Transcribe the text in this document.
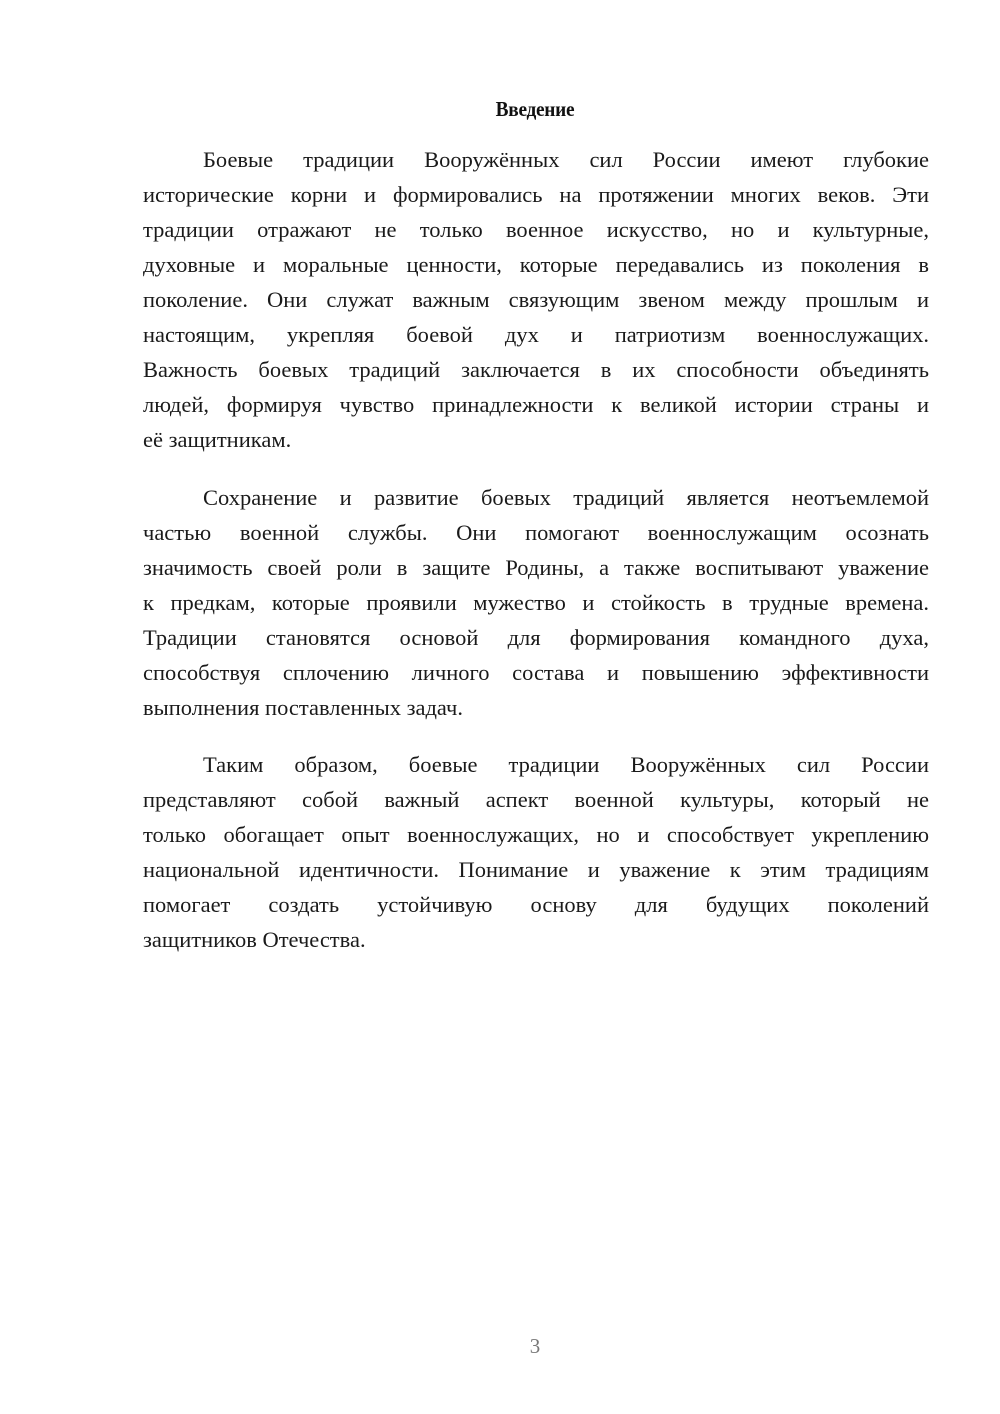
Введение
Боевые традиции Вооружённых сил России имеют глубокие
исторические корни и формировались на протяжении многих веков. Эти
традиции отражают не только военное искусство, но и культурные,
духовные и моральные ценности, которые передавались из поколения в
поколение. Они служат важным связующим звеном между прошлым и
настоящим, укрепляя боевой дух и патриотизм военнослужащих.
Важность боевых традиций заключается в их способности объединять
людей, формируя чувство принадлежности к великой истории страны и
её защитникам.
Сохранение и развитие боевых традиций является неотъемлемой
частью военной службы. Они помогают военнослужащим осознать
значимость своей роли в защите Родины, а также воспитывают уважение
к предкам, которые проявили мужество и стойкость в трудные времена.
Традиции становятся основой для формирования командного духа,
способствуя сплочению личного состава и повышению эффективности
выполнения поставленных задач.
Таким образом, боевые традиции Вооружённых сил России
представляют собой важный аспект военной культуры, который не
только обогащает опыт военнослужащих, но и способствует укреплению
национальной идентичности. Понимание и уважение к этим традициям
помогает создать устойчивую основу для будущих поколений
защитников Отечества.
3
